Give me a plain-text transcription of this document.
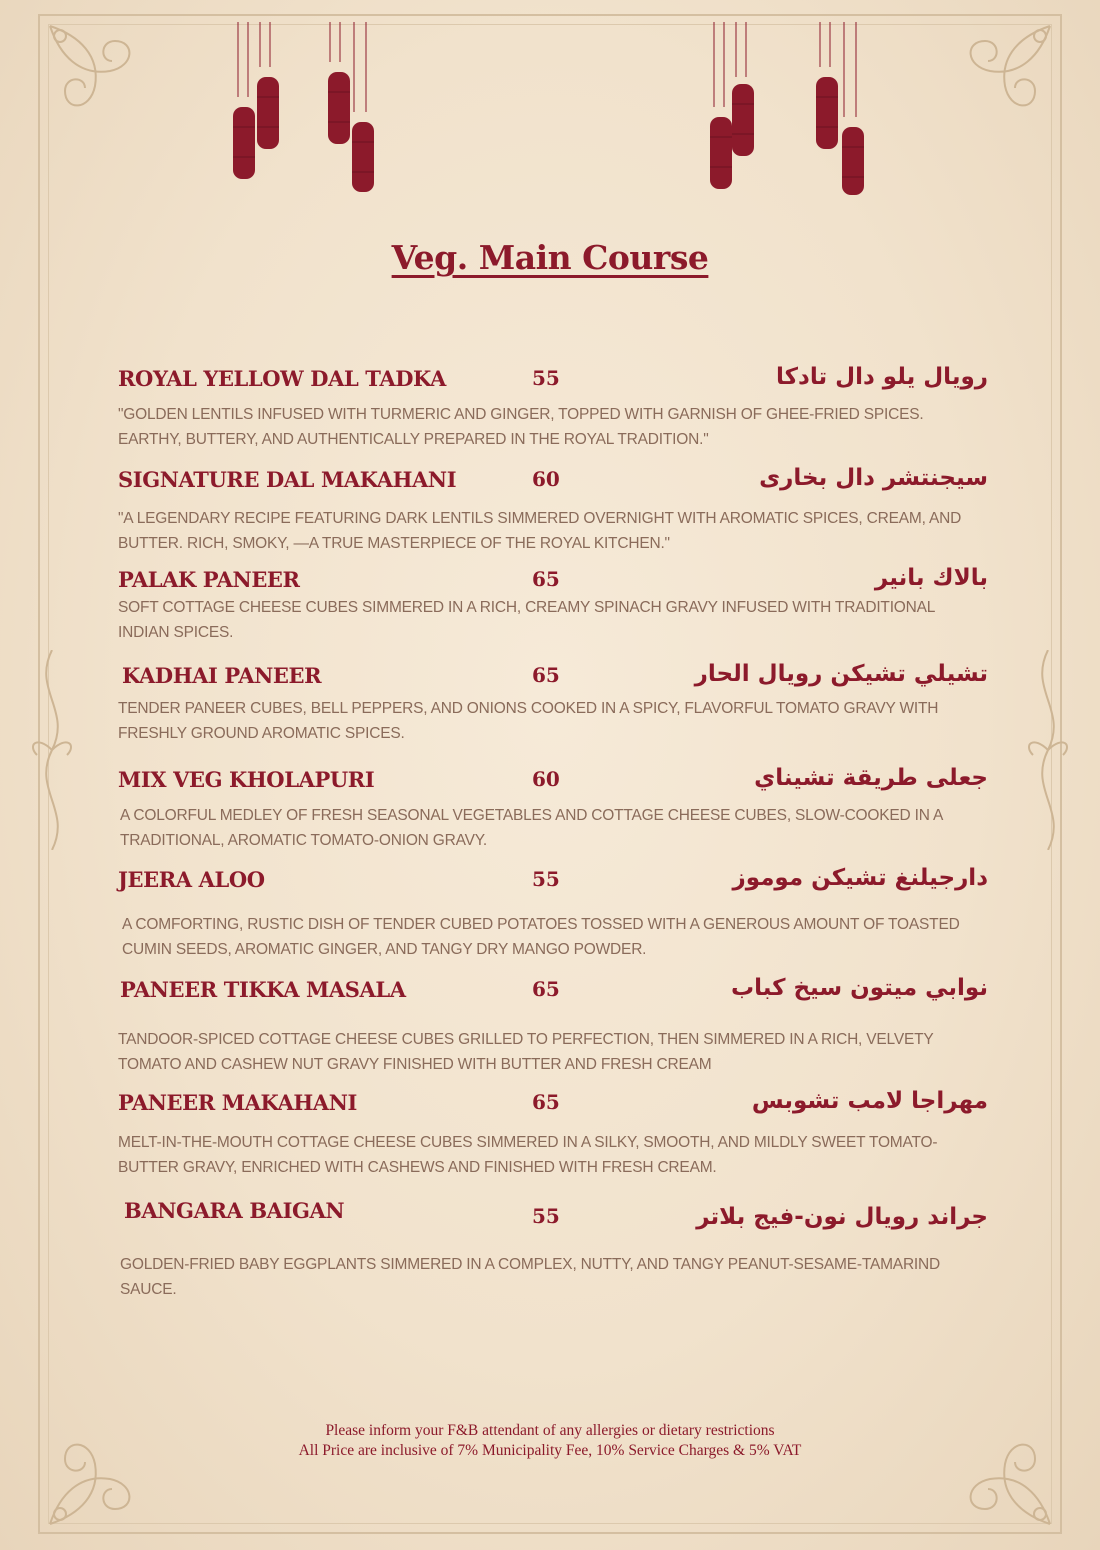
Veg. Main Course
ROYAL YELLOW DAL TADKA	55	رويال يلو دال تادكا
"GOLDEN LENTILS INFUSED WITH TURMERIC AND GINGER, TOPPED WITH GARNISH OF GHEE-FRIED SPICES. EARTHY, BUTTERY, AND AUTHENTICALLY PREPARED IN THE ROYAL TRADITION."
SIGNATURE DAL MAKAHANI	60	سيجنتشر دال بخارى
"A LEGENDARY RECIPE FEATURING DARK LENTILS SIMMERED OVERNIGHT WITH AROMATIC SPICES, CREAM, AND BUTTER. RICH, SMOKY, —A TRUE MASTERPIECE OF THE ROYAL KITCHEN."
PALAK PANEER	65	بالاك بانير
SOFT COTTAGE CHEESE CUBES SIMMERED IN A RICH, CREAMY SPINACH GRAVY INFUSED WITH TRADITIONAL INDIAN SPICES.
KADHAI PANEER	65	تشيلي تشيكن رويال الحار
TENDER PANEER CUBES, BELL PEPPERS, AND ONIONS COOKED IN A SPICY, FLAVORFUL TOMATO GRAVY WITH FRESHLY GROUND AROMATIC SPICES.
MIX VEG KHOLAPURI	60	جعلى طريقة تشيناي
A COLORFUL MEDLEY OF FRESH SEASONAL VEGETABLES AND COTTAGE CHEESE CUBES, SLOW-COOKED IN A TRADITIONAL, AROMATIC TOMATO-ONION GRAVY.
JEERA ALOO	55	دارجيلنغ تشيكن موموز
A COMFORTING, RUSTIC DISH OF TENDER CUBED POTATOES TOSSED WITH A GENEROUS AMOUNT OF TOASTED CUMIN SEEDS, AROMATIC GINGER, AND TANGY DRY MANGO POWDER.
PANEER TIKKA MASALA	65	نوابي ميتون سيخ كباب
TANDOOR-SPICED COTTAGE CHEESE CUBES GRILLED TO PERFECTION, THEN SIMMERED IN A RICH, VELVETY TOMATO AND CASHEW NUT GRAVY FINISHED WITH BUTTER AND FRESH CREAM
PANEER MAKAHANI	65	مهراجا لامب تشوبس
MELT-IN-THE-MOUTH COTTAGE CHEESE CUBES SIMMERED IN A SILKY, SMOOTH, AND MILDLY SWEET TOMATO-BUTTER GRAVY, ENRICHED WITH CASHEWS AND FINISHED WITH FRESH CREAM.
BANGARA BAIGAN	55	جراند رويال نون-فيج بلاتر
GOLDEN-FRIED BABY EGGPLANTS SIMMERED IN A COMPLEX, NUTTY, AND TANGY PEANUT-SESAME-TAMARIND SAUCE.
Please inform your F&B attendant of any allergies or dietary restrictions
All Price are inclusive of 7% Municipality Fee, 10% Service Charges & 5% VAT
